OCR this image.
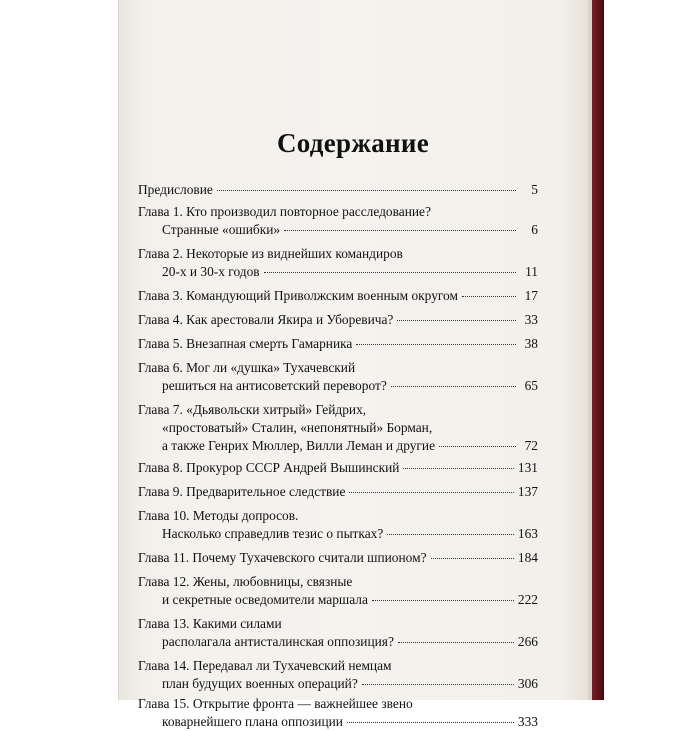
Содержание
Предисловие	5
Глава 1. Кто производил повторное расследование?
Странные «ошибки»	6
Глава 2. Некоторые из виднейших командиров
20-х и 30-х годов	11
Глава 3. Командующий Приволжским военным округом	17
Глава 4. Как арестовали Якира и Уборевича?	33
Глава 5. Внезапная смерть Гамарника	38
Глава 6. Мог ли «душка» Тухачевский
решиться на антисоветский переворот?	65
Глава 7. «Дьявольски хитрый» Гейдрих,
«простоватый» Сталин, «непонятный» Борман,
а также Генрих Мюллер, Вилли Леман и другие	72
Глава 8. Прокурор СССР Андрей Вышинский	131
Глава 9. Предварительное следствие	137
Глава 10. Методы допросов.
Насколько справедлив тезис о пытках?	163
Глава 11. Почему Тухачевского считали шпионом?	184
Глава 12. Жены, любовницы, связные
и секретные осведомители маршала	222
Глава 13. Какими силами
располагала антисталинская оппозиция?	266
Глава 14. Передавал ли Тухачевский немцам
план будущих военных операций?	306
Глава 15. Открытие фронта — важнейшее звено
коварнейшего плана оппозиции	333
